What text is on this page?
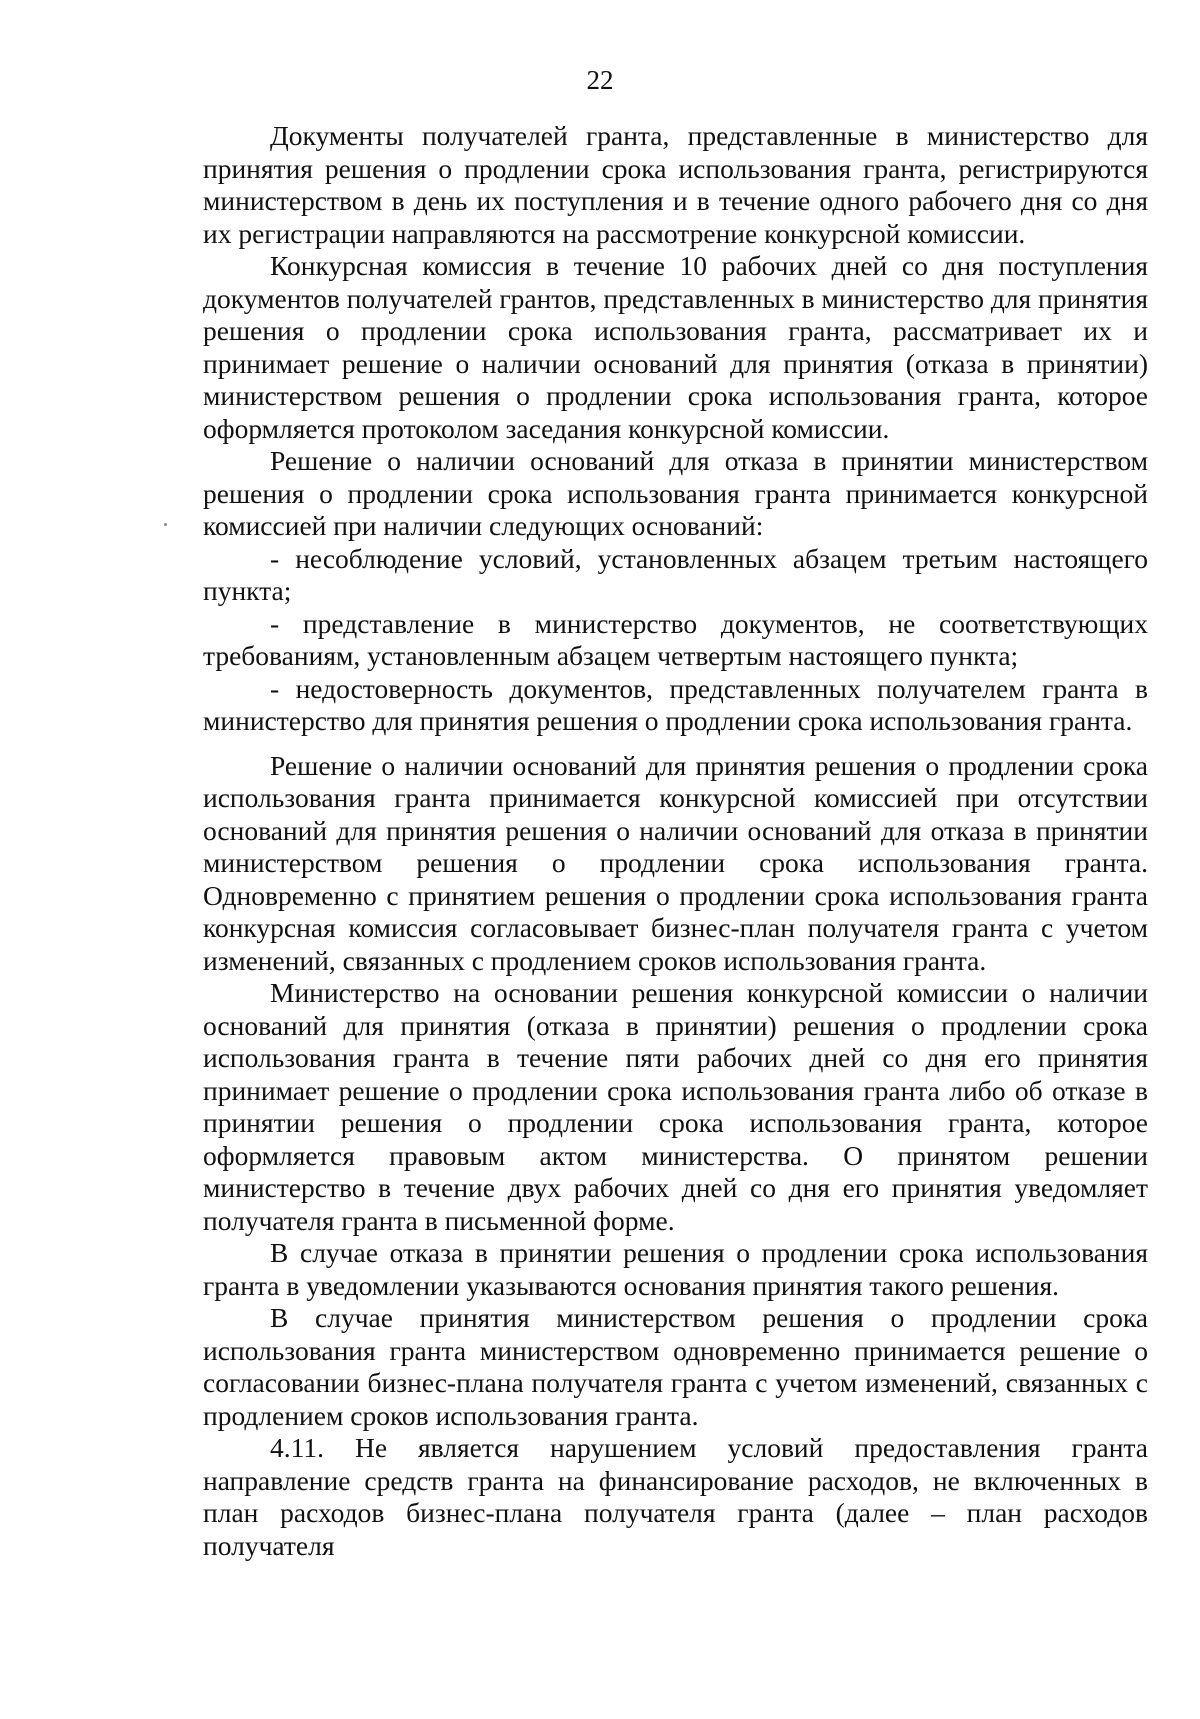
22

Документы получателей гранта, представленные в министерство для принятия решения о продлении срока использования гранта, регистрируются министерством в день их поступления и в течение одного рабочего дня со дня их регистрации направляются на рассмотрение конкурсной комиссии.

Конкурсная комиссия в течение 10 рабочих дней со дня поступления документов получателей грантов, представленных в министерство для принятия решения о продлении срока использования гранта, рассматривает их и принимает решение о наличии оснований для принятия (отказа в принятии) министерством решения о продлении срока использования гранта, которое оформляется протоколом заседания конкурсной комиссии.

Решение о наличии оснований для отказа в принятии министерством решения о продлении срока использования гранта принимается конкурсной комиссией при наличии следующих оснований:

- несоблюдение условий, установленных абзацем третьим настоящего пункта;

- представление в министерство документов, не соответствующих требованиям, установленным абзацем четвертым настоящего пункта;

- недостоверность документов, представленных получателем гранта в министерство для принятия решения о продлении срока использования гранта.

Решение о наличии оснований для принятия решения о продлении срока использования гранта принимается конкурсной комиссией при отсутствии оснований для принятия решения о наличии оснований для отказа в принятии министерством решения о продлении срока использования гранта. Одновременно с принятием решения о продлении срока использования гранта конкурсная комиссия согласовывает бизнес-план получателя гранта с учетом изменений, связанных с продлением сроков использования гранта.

Министерство на основании решения конкурсной комиссии о наличии оснований для принятия (отказа в принятии) решения о продлении срока использования гранта в течение пяти рабочих дней со дня его принятия принимает решение о продлении срока использования гранта либо об отказе в принятии решения о продлении срока использования гранта, которое оформляется правовым актом министерства. О принятом решении министерство в течение двух рабочих дней со дня его принятия уведомляет получателя гранта в письменной форме.

В случае отказа в принятии решения о продлении срока использования гранта в уведомлении указываются основания принятия такого решения.

В случае принятия министерством решения о продлении срока использования гранта министерством одновременно принимается решение о согласовании бизнес-плана получателя гранта с учетом изменений, связанных с продлением сроков использования гранта.

4.11. Не является нарушением условий предоставления гранта направление средств гранта на финансирование расходов, не включенных в план расходов бизнес-плана получателя гранта (далее – план расходов получателя
